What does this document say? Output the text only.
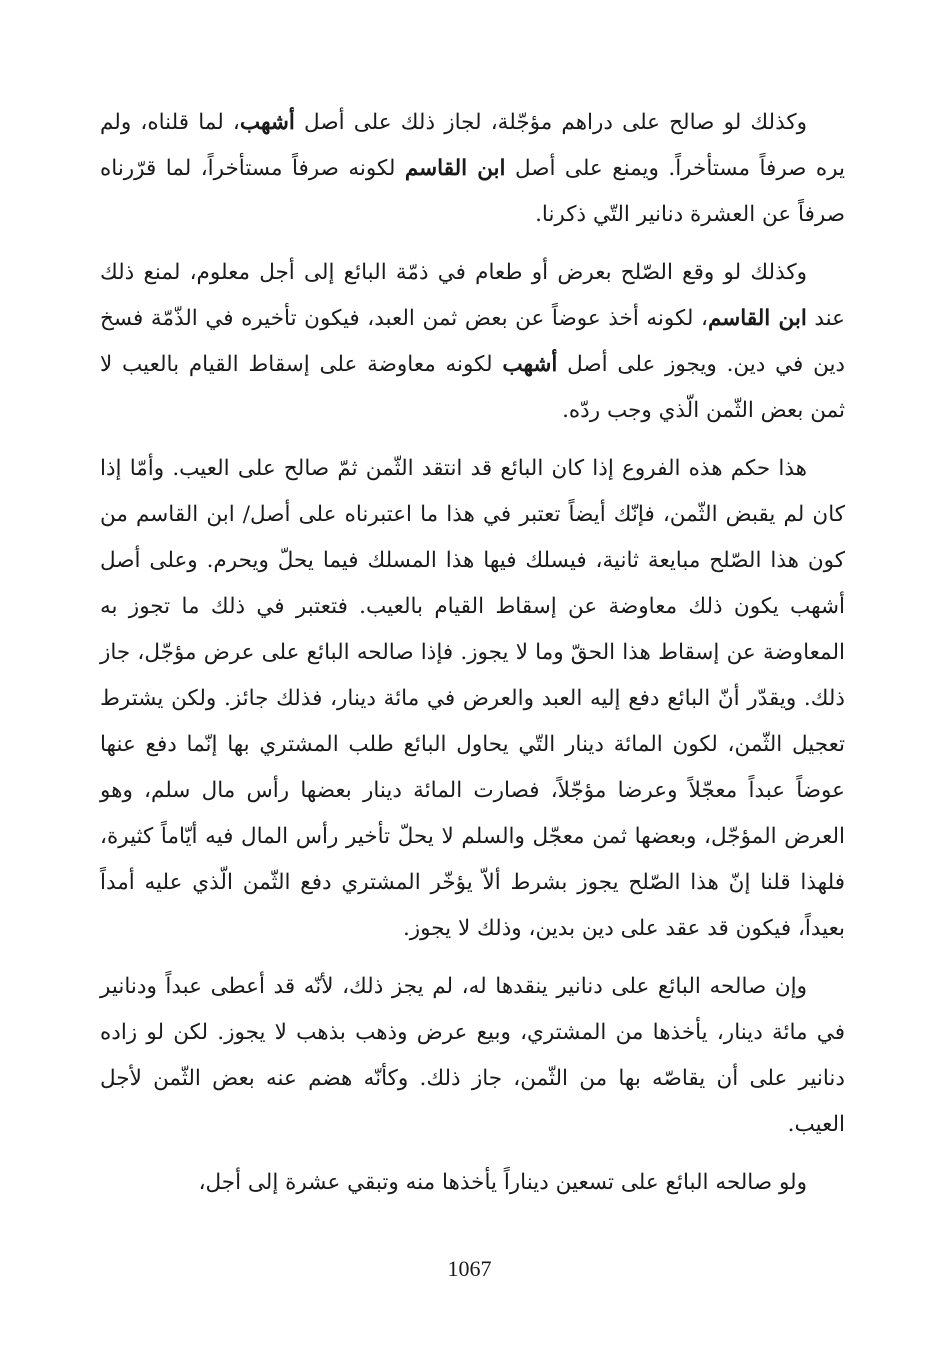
وكذلك لو صالح على دراهم مؤجّلة، لجاز ذلك على أصل أشهب، لما قلناه، ولم يره صرفاً مستأخراً. ويمنع على أصل ابن القاسم لكونه صرفاً مستأخراً، لما قرّرناه صرفاً عن العشرة دنانير التّي ذكرنا.

وكذلك لو وقع الصّلح بعرض أو طعام في ذمّة البائع إلى أجل معلوم، لمنع ذلك عند ابن القاسم، لكونه أخذ عوضاً عن بعض ثمن العبد، فيكون تأخيره في الذّمّة فسخ دين في دين. ويجوز على أصل أشهب لكونه معاوضة على إسقاط القيام بالعيب لا ثمن بعض الثّمن الّذي وجب ردّه.

هذا حكم هذه الفروع إذا كان البائع قد انتقد الثّمن ثمّ صالح على العيب. وأمّا إذا كان لم يقبض الثّمن، فإنّك أيضاً تعتبر في هذا ما اعتبرناه على أصل/ ابن القاسم من كون هذا الصّلح مبايعة ثانية، فيسلك فيها هذا المسلك فيما يحلّ ويحرم. وعلى أصل أشهب يكون ذلك معاوضة عن إسقاط القيام بالعيب. فتعتبر في ذلك ما تجوز به المعاوضة عن إسقاط هذا الحقّ وما لا يجوز. فإذا صالحه البائع على عرض مؤجّل، جاز ذلك. ويقدّر أنّ البائع دفع إليه العبد والعرض في مائة دينار، فذلك جائز. ولكن يشترط تعجيل الثّمن، لكون المائة دينار التّي يحاول البائع طلب المشتري بها إنّما دفع عنها عوضاً عبداً معجّلاً وعرضا مؤجّلاً، فصارت المائة دينار بعضها رأس مال سلم، وهو العرض المؤجّل، وبعضها ثمن معجّل والسلم لا يحلّ تأخير رأس المال فيه أيّاماً كثيرة، فلهذا قلنا إنّ هذا الصّلح يجوز بشرط ألاّ يؤخّر المشتري دفع الثّمن الّذي عليه أمداً بعيداً، فيكون قد عقد على دين بدين، وذلك لا يجوز.

وإن صالحه البائع على دنانير ينقدها له، لم يجز ذلك، لأنّه قد أعطى عبداً ودنانير في مائة دينار، يأخذها من المشتري، وبيع عرض وذهب بذهب لا يجوز. لكن لو زاده دنانير على أن يقاصّه بها من الثّمن، جاز ذلك. وكأنّه هضم عنه بعض الثّمن لأجل العيب.

ولو صالحه البائع على تسعين ديناراً يأخذها منه وتبقي عشرة إلى أجل،

1067
